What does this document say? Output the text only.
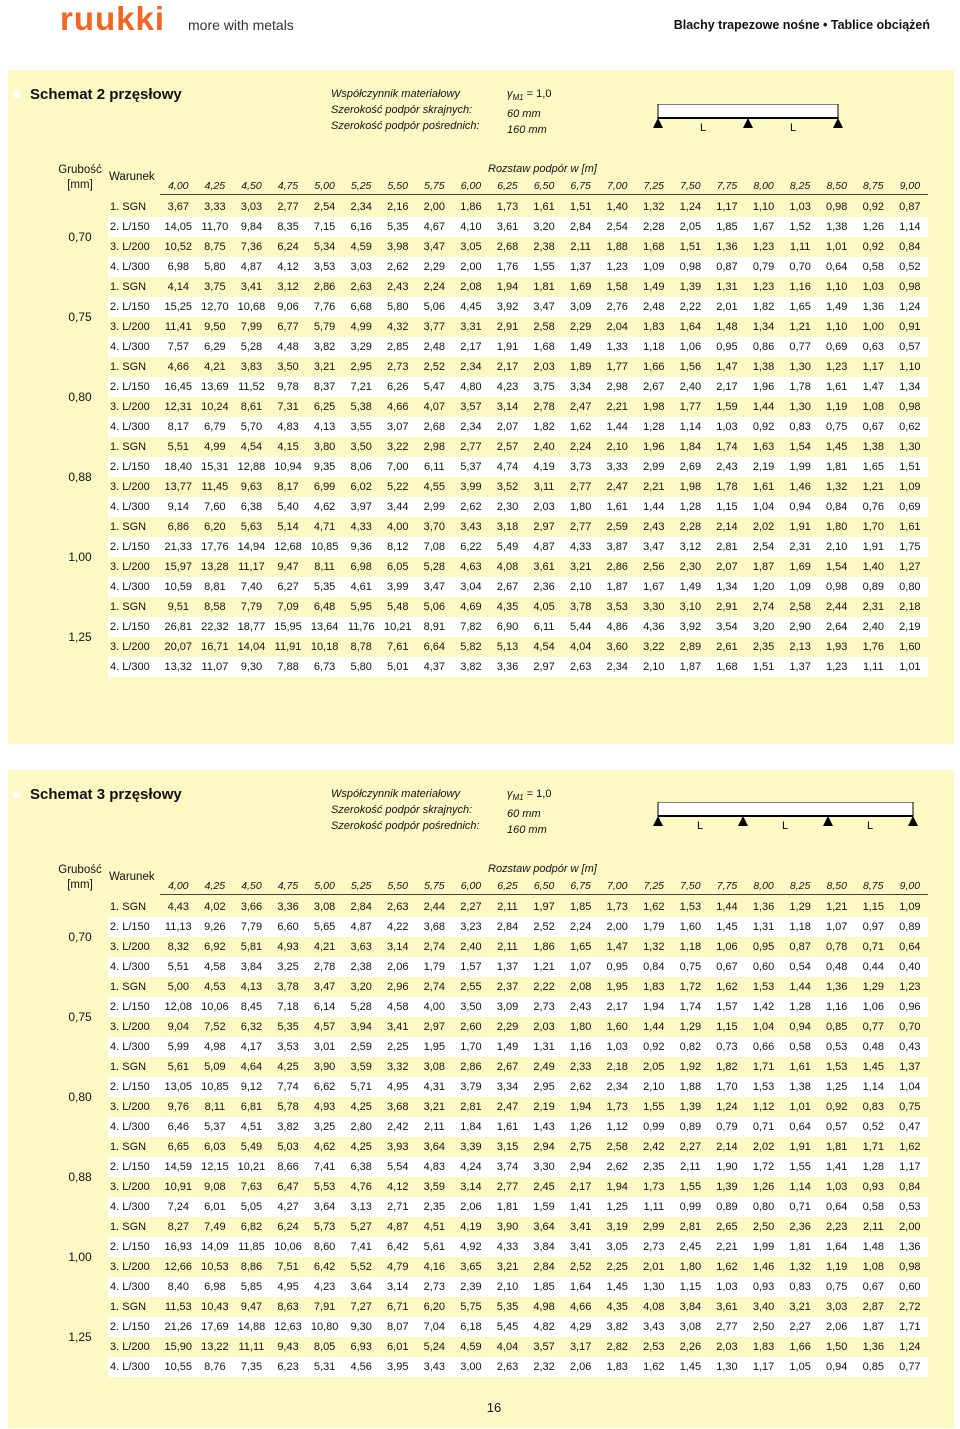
ruukki more with metals	Blachy trapezowe nośne • Tablice obciążeń
Schemat 2 przęsłowy	Współczynnik materiałowy
Szerokość podpór skrajnych:
Szerokość podpór pośrednich:
$\gamma_{M1} = 1,0$
60 mm
160 mm	L	L
Grubość
[mm]
Warunek
Rozstaw podpór w [m]
4,00	4,25	4,50	4,75	5,00	5,25	5,50	5,75	6,00	6,25	6,50	6,75	7,00	7,25	7,50	7,75	8,00	8,25	8,50	8,75	9,00
0,70
1. SGN	3,67	3,33	3,03	2,77	2,54	2,34	2,16	2,00	1,86	1,73	1,61	1,51	1,40	1,32	1,24	1,17	1,10	1,03	0,98	0,92	0,87
2. L/150	14,05 11,70	9,84	8,35	7,15	6,16	5,35	4,67	4,10	3,61	3,20	2,84	2,54	2,28	2,05	1,85	1,67	1,52	1,38	1,26	1,14
3. L/200	10,52	8,75	7,36	6,24	5,34	4,59	3,98	3,47	3,05	2,68	2,38	2,11	1,88	1,68	1,51	1,36	1,23	1,11	1,01	0,92	0,84
4. L/300	6,98	5,80	4,87	4,12	3,53	3,03	2,62	2,29	2,00	1,76	1,55	1,37	1,23	1,09	0,98	0,87	0,79	0,70	0,64	0,58	0,52
0,75
1. SGN	4,14	3,75	3,41	3,12	2,86	2,63	2,43	2,24	2,08	1,94	1,81	1,69	1,58	1,49	1,39	1,31	1,23	1,16	1,10	1,03	0,98
2. L/150	15,25 12,70 10,68	9,06	7,76	6,68	5,80	5,06	4,45	3,92	3,47	3,09	2,76	2,48	2,22	2,01	1,82	1,65	1,49	1,36	1,24
3. L/200	11,41	9,50	7,99	6,77	5,79	4,99	4,32	3,77	3,31	2,91	2,58	2,29	2,04	1,83	1,64	1,48	1,34	1,21	1,10	1,00	0,91
4. L/300	7,57	6,29	5,28	4,48	3,82	3,29	2,85	2,48	2,17	1,91	1,68	1,49	1,33	1,18	1,06	0,95	0,86	0,77	0,69	0,63	0,57
0,80
1. SGN	4,66	4,21	3,83	3,50	3,21	2,95	2,73	2,52	2,34	2,17	2,03	1,89	1,77	1,66	1,56	1,47	1,38	1,30	1,23	1,17	1,10
2. L/150	16,45 13,69 11,52	9,78	8,37	7,21	6,26	5,47	4,80	4,23	3,75	3,34	2,98	2,67	2,40	2,17	1,96	1,78	1,61	1,47	1,34
3. L/200	12,31 10,24	8,61	7,31	6,25	5,38	4,66	4,07	3,57	3,14	2,78	2,47	2,21	1,98	1,77	1,59	1,44	1,30	1,19	1,08	0,98
4. L/300	8,17	6,79	5,70	4,83	4,13	3,55	3,07	2,68	2,34	2,07	1,82	1,62	1,44	1,28	1,14	1,03	0,92	0,83	0,75	0,67	0,62
0,88
1. SGN	5,51	4,99	4,54	4,15	3,80	3,50	3,22	2,98	2,77	2,57	2,40	2,24	2,10	1,96	1,84	1,74	1,63	1,54	1,45	1,38	1,30
2. L/150	18,40 15,31 12,88 10,94	9,35	8,06	7,00	6,11	5,37	4,74	4,19	3,73	3,33	2,99	2,69	2,43	2,19	1,99	1,81	1,65	1,51
3. L/200	13,77 11,45	9,63	8,17	6,99	6,02	5,22	4,55	3,99	3,52	3,11	2,77	2,47	2,21	1,98	1,78	1,61	1,46	1,32	1,21	1,09
4. L/300	9,14	7,60	6,38	5,40	4,62	3,97	3,44	2,99	2,62	2,30	2,03	1,80	1,61	1,44	1,28	1,15	1,04	0,94	0,84	0,76	0,69
1,00
1. SGN	6,86	6,20	5,63	5,14	4,71	4,33	4,00	3,70	3,43	3,18	2,97	2,77	2,59	2,43	2,28	2,14	2,02	1,91	1,80	1,70	1,61
2. L/150	21,33 17,76 14,94 12,68 10,85	9,36	8,12	7,08	6,22	5,49	4,87	4,33	3,87	3,47	3,12	2,81	2,54	2,31	2,10	1,91	1,75
3. L/200	15,97 13,28 11,17	9,47	8,11	6,98	6,05	5,28	4,63	4,08	3,61	3,21	2,86	2,56	2,30	2,07	1,87	1,69	1,54	1,40	1,27
4. L/300	10,59	8,81	7,40	6,27	5,35	4,61	3,99	3,47	3,04	2,67	2,36	2,10	1,87	1,67	1,49	1,34	1,20	1,09	0,98	0,89	0,80
1,25
1. SGN	9,51	8,58	7,79	7,09	6,48	5,95	5,48	5,06	4,69	4,35	4,05	3,78	3,53	3,30	3,10	2,91	2,74	2,58	2,44	2,31	2,18
2. L/150	26,81 22,32 18,77 15,95 13,64 11,76 10,21	8,91	7,82	6,90	6,11	5,44	4,86	4,36	3,92	3,54	3,20	2,90	2,64	2,40	2,19
3. L/200	20,07 16,71 14,04 11,91 10,18	8,78	7,61	6,64	5,82	5,13	4,54	4,04	3,60	3,22	2,89	2,61	2,35	2,13	1,93	1,76	1,60
4. L/300	13,32 11,07	9,30	7,88	6,73	5,80	5,01	4,37	3,82	3,36	2,97	2,63	2,34	2,10	1,87	1,68	1,51	1,37	1,23	1,11	1,01
Schemat 3 przęsłowy	Współczynnik materiałowy
Szerokość podpór skrajnych:
Szerokość podpór pośrednich:
$\gamma_{M1} = 1,0$
60 mm
160 mm	L	L	L
Grubość
[mm]
Warunek
Rozstaw podpór w [m]
4,00	4,25	4,50	4,75	5,00	5,25	5,50	5,75	6,00	6,25	6,50	6,75	7,00	7,25	7,50	7,75	8,00	8,25	8,50	8,75	9,00
0,70
1. SGN	4,43	4,02	3,66	3,36	3,08	2,84	2,63	2,44	2,27	2,11	1,97	1,85	1,73	1,62	1,53	1,44	1,36	1,29	1,21	1,15	1,09
2. L/150	11,13	9,26	7,79	6,60	5,65	4,87	4,22	3,68	3,23	2,84	2,52	2,24	2,00	1,79	1,60	1,45	1,31	1,18	1,07	0,97	0,89
3. L/200	8,32	6,92	5,81	4,93	4,21	3,63	3,14	2,74	2,40	2,11	1,86	1,65	1,47	1,32	1,18	1,06	0,95	0,87	0,78	0,71	0,64
4. L/300	5,51	4,58	3,84	3,25	2,78	2,38	2,06	1,79	1,57	1,37	1,21	1,07	0,95	0,84	0,75	0,67	0,60	0,54	0,48	0,44	0,40
0,75
1. SGN	5,00	4,53	4,13	3,78	3,47	3,20	2,96	2,74	2,55	2,37	2,22	2,08	1,95	1,83	1,72	1,62	1,53	1,44	1,36	1,29	1,23
2. L/150	12,08 10,06	8,45	7,18	6,14	5,28	4,58	4,00	3,50	3,09	2,73	2,43	2,17	1,94	1,74	1,57	1,42	1,28	1,16	1,06	0,96
3. L/200	9,04	7,52	6,32	5,35	4,57	3,94	3,41	2,97	2,60	2,29	2,03	1,80	1,60	1,44	1,29	1,15	1,04	0,94	0,85	0,77	0,70
4. L/300	5,99	4,98	4,17	3,53	3,01	2,59	2,25	1,95	1,70	1,49	1,31	1,16	1,03	0,92	0,82	0,73	0,66	0,58	0,53	0,48	0,43
0,80
1. SGN	5,61	5,09	4,64	4,25	3,90	3,59	3,32	3,08	2,86	2,67	2,49	2,33	2,18	2,05	1,92	1,82	1,71	1,61	1,53	1,45	1,37
2. L/150	13,05 10,85	9,12	7,74	6,62	5,71	4,95	4,31	3,79	3,34	2,95	2,62	2,34	2,10	1,88	1,70	1,53	1,38	1,25	1,14	1,04
3. L/200	9,76	8,11	6,81	5,78	4,93	4,25	3,68	3,21	2,81	2,47	2,19	1,94	1,73	1,55	1,39	1,24	1,12	1,01	0,92	0,83	0,75
4. L/300	6,46	5,37	4,51	3,82	3,25	2,80	2,42	2,11	1,84	1,61	1,43	1,26	1,12	0,99	0,89	0,79	0,71	0,64	0,57	0,52	0,47
0,88
1. SGN	6,65	6,03	5,49	5,03	4,62	4,25	3,93	3,64	3,39	3,15	2,94	2,75	2,58	2,42	2,27	2,14	2,02	1,91	1,81	1,71	1,62
2. L/150	14,59 12,15 10,21	8,66	7,41	6,38	5,54	4,83	4,24	3,74	3,30	2,94	2,62	2,35	2,11	1,90	1,72	1,55	1,41	1,28	1,17
3. L/200	10,91	9,08	7,63	6,47	5,53	4,76	4,12	3,59	3,14	2,77	2,45	2,17	1,94	1,73	1,55	1,39	1,26	1,14	1,03	0,93	0,84
4. L/300	7,24	6,01	5,05	4,27	3,64	3,13	2,71	2,35	2,06	1,81	1,59	1,41	1,25	1,11	0,99	0,89	0,80	0,71	0,64	0,58	0,53
1,00
1. SGN	8,27	7,49	6,82	6,24	5,73	5,27	4,87	4,51	4,19	3,90	3,64	3,41	3,19	2,99	2,81	2,65	2,50	2,36	2,23	2,11	2,00
2. L/150	16,93 14,09 11,85 10,06	8,60	7,41	6,42	5,61	4,92	4,33	3,84	3,41	3,05	2,73	2,45	2,21	1,99	1,81	1,64	1,48	1,36
3. L/200	12,66 10,53	8,86	7,51	6,42	5,52	4,79	4,16	3,65	3,21	2,84	2,52	2,25	2,01	1,80	1,62	1,46	1,32	1,19	1,08	0,98
4. L/300	8,40	6,98	5,85	4,95	4,23	3,64	3,14	2,73	2,39	2,10	1,85	1,64	1,45	1,30	1,15	1,03	0,93	0,83	0,75	0,67	0,60
1,25
1. SGN	11,53 10,43	9,47	8,63	7,91	7,27	6,71	6,20	5,75	5,35	4,98	4,66	4,35	4,08	3,84	3,61	3,40	3,21	3,03	2,87	2,72
2. L/150	21,26 17,69 14,88 12,63 10,80	9,30	8,07	7,04	6,18	5,45	4,82	4,29	3,82	3,43	3,08	2,77	2,50	2,27	2,06	1,87	1,71
3. L/200	15,90 13,22 11,11	9,43	8,05	6,93	6,01	5,24	4,59	4,04	3,57	3,17	2,82	2,53	2,26	2,03	1,83	1,66	1,50	1,36	1,24
4. L/300	10,55	8,76	7,35	6,23	5,31	4,56	3,95	3,43	3,00	2,63	2,32	2,06	1,83	1,62	1,45	1,30	1,17	1,05	0,94	0,85	0,77
16
